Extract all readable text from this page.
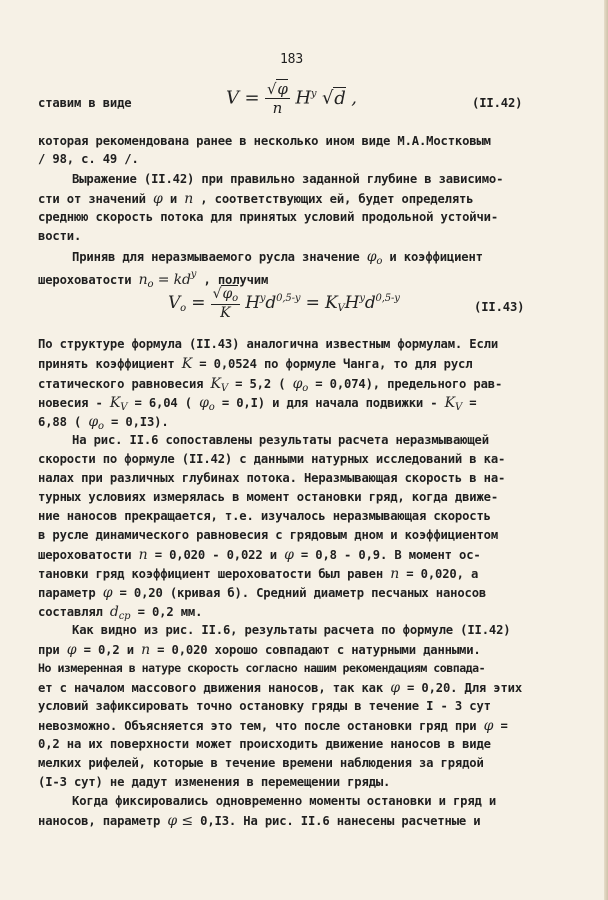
183
ставим в виде	$V = \frac{√\varphi}{n} H^y$ √d ,	(II.42)
которая рекомендована ранее в несколько ином виде М.А.Мостковым
/ 98, с. 49 /.
Выражение (II.42) при правильно заданной глубине в зависимо-
сти от значений φ и n , соответствующих ей, будет определять
среднюю скорость потока для принятых условий продольной устойчи-
вости.
Приняв для неразмываемого русла значение $\varphi_o$ и коэффициент
шероховатости $n_o = kd^y$ , получим
$V_o = \frac{√\varphi_o}{K} H^yd^{0,5-y} = K_VH^yd^{0,5-y}$
(II.43)
По структуре формула (II.43) аналогична известным формулам. Если
принять коэффициент K = 0,0524 по формуле Чанга, то для русл
статического равновесия $K_V = 5,2$ ( $\varphi_o = 0,074$), предельного рав-
новесия - $K_V = 6,04$ ( $\varphi_o = 0,I$) и для начала подвижки - $K_V$ =
6,88 ( $\varphi_o = 0,I3$).
На рис. II.6 сопоставлены результаты расчета неразмывающей
скорости по формуле (II.42) с данными натурных исследований в ка-
налах при различных глубинах потока. Неразмывающая скорость в на-
турных условиях измерялась в момент остановки гряд, когда движе-
ние наносов прекращается, т.е. изучалось неразмывающая скорость
в русле динамического равновесия с грядовым дном и коэффициентом
шероховатости n = 0,020 - 0,022 и φ = 0,8 - 0,9. В момент ос-
тановки гряд коэффициент шероховатости был равен n = 0,020, а
параметр φ = 0,20 (кривая б). Средний диаметр песчаных наносов
составлял $d_{cp} = 0,2$ мм.
Как видно из рис. II.6, результаты расчета по формуле (II.42)
при φ = 0,2 и n = 0,020 хорошо совпадают с натурными данными.
Но измеренная в натуре скорость согласно нашим рекомендациям совпада-
ет с началом массового движения наносов, так как φ = 0,20. Для этих
условий зафиксировать точно остановку гряды в течение I - 3 сут
невозможно. Объясняется это тем, что после остановки гряд при φ =
0,2 на их поверхности может происходить движение наносов в виде
мелких рифелей, которые в течение времени наблюдения за грядой
(I-3 сут) не дадут изменения в перемещении гряды.
Когда фиксировались одновременно моменты остановки и гряд и
наносов, параметр φ ≤ 0,I3. На рис. II.6 нанесены расчетные и
